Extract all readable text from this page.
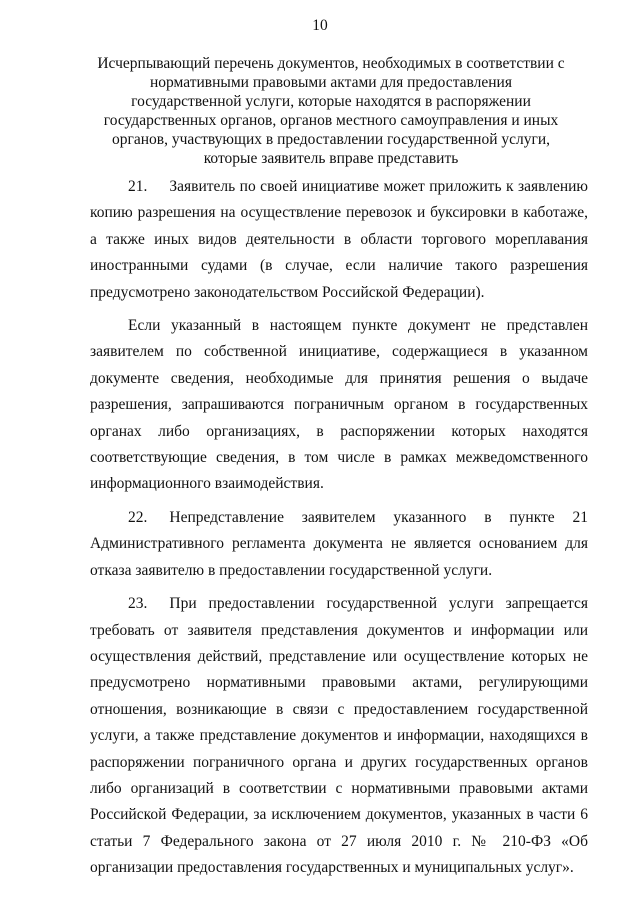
10
Исчерпывающий перечень документов, необходимых в соответствии с нормативными правовыми актами для предоставления государственной услуги, которые находятся в распоряжении государственных органов, органов местного самоуправления и иных органов, участвующих в предоставлении государственной услуги, которые заявитель вправе представить

21. Заявитель по своей инициативе может приложить к заявлению копию разрешения на осуществление перевозок и буксировки в каботаже, а также иных видов деятельности в области торгового мореплавания иностранными судами (в случае, если наличие такого разрешения предусмотрено законодательством Российской Федерации).

Если указанный в настоящем пункте документ не представлен заявителем по собственной инициативе, содержащиеся в указанном документе сведения, необходимые для принятия решения о выдаче разрешения, запрашиваются пограничным органом в государственных органах либо организациях, в распоряжении которых находятся соответствующие сведения, в том числе в рамках межведомственного информационного взаимодействия.

22. Непредставление заявителем указанного в пункте 21 Административного регламента документа не является основанием для отказа заявителю в предоставлении государственной услуги.

23. При предоставлении государственной услуги запрещается требовать от заявителя представления документов и информации или осуществления действий, представление или осуществление которых не предусмотрено нормативными правовыми актами, регулирующими отношения, возникающие в связи с предоставлением государственной услуги, а также представление документов и информации, находящихся в распоряжении пограничного органа и других государственных органов либо организаций в соответствии с нормативными правовыми актами Российской Федерации, за исключением документов, указанных в части 6 статьи 7 Федерального закона от 27 июля 2010 г. № 210-ФЗ «Об организации предоставления государственных и муниципальных услуг».
